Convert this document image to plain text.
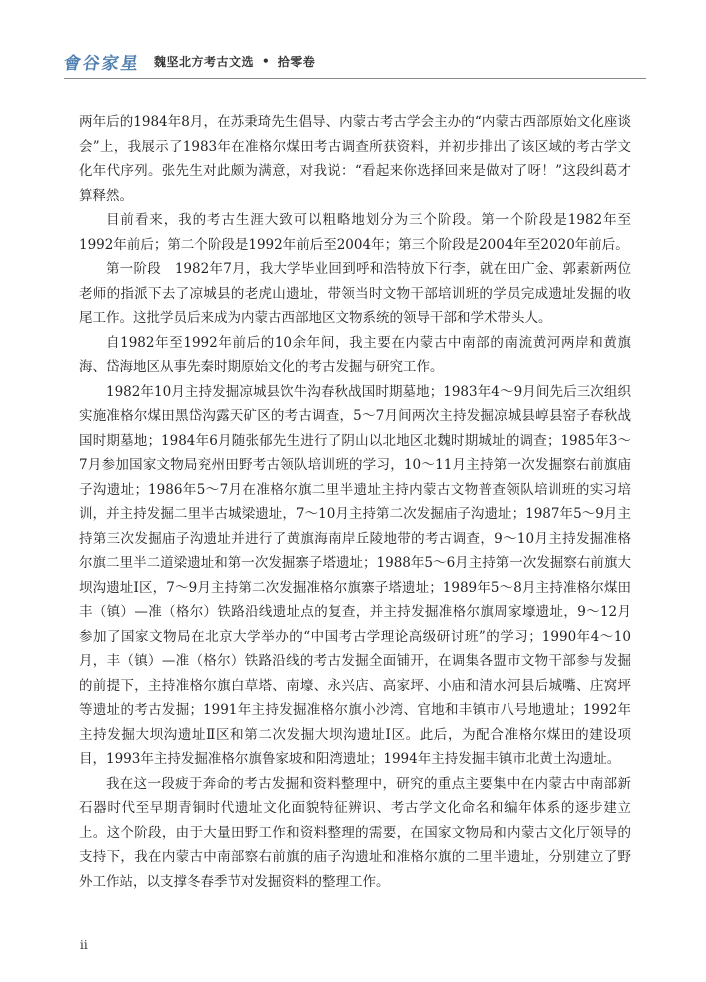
會谷家星 魏坚北方考古文选 • 拾零卷

两年后的1984年8月，在苏秉琦先生倡导、内蒙古考古学会主办的“内蒙古西部原始文化座谈会”上，我展示了1983年在准格尔煤田考古调查所获资料，并初步排出了该区域的考古学文化年代序列。张先生对此颇为满意，对我说：“看起来你选择回来是做对了呀！”这段纠葛才算释然。

目前看来，我的考古生涯大致可以粗略地划分为三个阶段。第一个阶段是1982年至1992年前后；第二个阶段是1992年前后至2004年；第三个阶段是2004年至2020年前后。

第一阶段　1982年7月，我大学毕业回到呼和浩特放下行李，就在田广金、郭素新两位老师的指派下去了凉城县的老虎山遗址，带领当时文物干部培训班的学员完成遗址发掘的收尾工作。这批学员后来成为内蒙古西部地区文物系统的领导干部和学术带头人。

自1982年至1992年前后的10余年间，我主要在内蒙古中南部的南流黄河两岸和黄旗海、岱海地区从事先秦时期原始文化的考古发掘与研究工作。

1982年10月主持发掘凉城县饮牛沟春秋战国时期墓地；1983年4～9月间先后三次组织实施准格尔煤田黑岱沟露天矿区的考古调查，5～7月间两次主持发掘凉城县崞县窑子春秋战国时期墓地；1984年6月随张郁先生进行了阴山以北地区北魏时期城址的调查；1985年3～7月参加国家文物局兖州田野考古领队培训班的学习，10～11月主持第一次发掘察右前旗庙子沟遗址；1986年5～7月在准格尔旗二里半遗址主持内蒙古文物普查领队培训班的实习培训，并主持发掘二里半古城梁遗址，7～10月主持第二次发掘庙子沟遗址；1987年5～9月主持第三次发掘庙子沟遗址并进行了黄旗海南岸丘陵地带的考古调查，9～10月主持发掘准格尔旗二里半二道梁遗址和第一次发掘寨子塔遗址；1988年5～6月主持第一次发掘察右前旗大坝沟遗址Ⅰ区，7～9月主持第二次发掘准格尔旗寨子塔遗址；1989年5～8月主持准格尔煤田丰（镇）—准（格尔）铁路沿线遗址点的复查，并主持发掘准格尔旗周家壕遗址，9～12月参加了国家文物局在北京大学举办的“中国考古学理论高级研讨班”的学习；1990年4～10月，丰（镇）—准（格尔）铁路沿线的考古发掘全面铺开，在调集各盟市文物干部参与发掘的前提下，主持准格尔旗白草塔、南壕、永兴店、高家坪、小庙和清水河县后城嘴、庄窝坪等遗址的考古发掘；1991年主持发掘准格尔旗小沙湾、官地和丰镇市八号地遗址；1992年主持发掘大坝沟遗址Ⅱ区和第二次发掘大坝沟遗址Ⅰ区。此后，为配合准格尔煤田的建设项目，1993年主持发掘准格尔旗鲁家坡和阳湾遗址；1994年主持发掘丰镇市北黄土沟遗址。

我在这一段疲于奔命的考古发掘和资料整理中，研究的重点主要集中在内蒙古中南部新石器时代至早期青铜时代遗址文化面貌特征辨识、考古学文化命名和编年体系的逐步建立上。这个阶段，由于大量田野工作和资料整理的需要，在国家文物局和内蒙古文化厅领导的支持下，我在内蒙古中南部察右前旗的庙子沟遗址和准格尔旗的二里半遗址，分别建立了野外工作站，以支撑冬春季节对发掘资料的整理工作。

ii
